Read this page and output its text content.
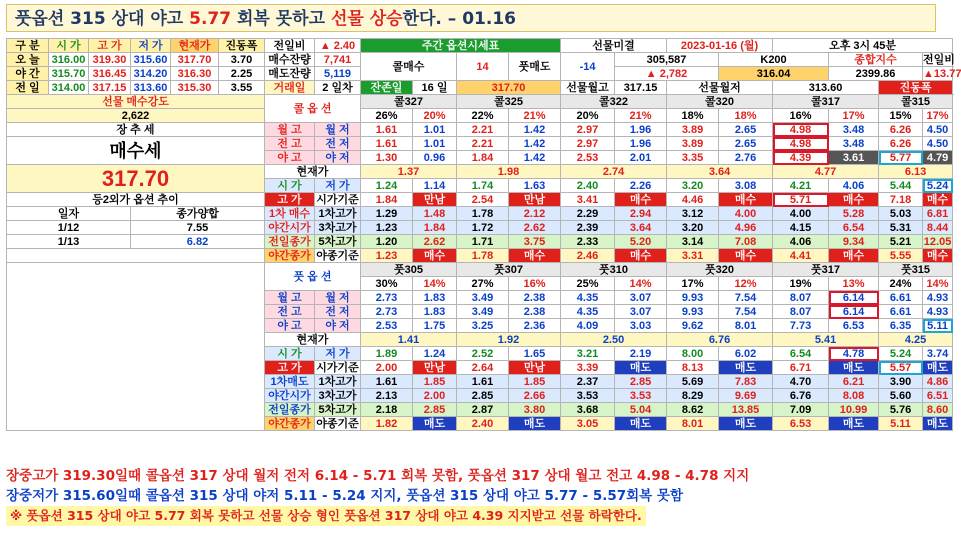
풋옵션 315 상대 야고 5.77 회복 못하고 선물 상승한다. – 01.16
구 분	시 가	고 가	저 가	현재가	진동폭	전일비	▲ 2.40	주간 옵션시세표				선물미결		2023-01-16 (월)		오후 3시 45분				
오 늘	316.00	319.30	315.60	317.70	3.70	매수잔량	7,741	콜매수		14	풋매도	-14	305,587		K200		종합지수		전일비	
야 간	315.70	316.45	314.20	316.30	2.25	매도잔량	5,119						▲ 2,782		316.04		2399.86		▲13.77	
전 일	314.00	317.15	313.60	315.30	3.55	거래일	2 일차	잔존일	16 일	317.70		선물월고	317.15	선물월저		313.60		진동폭	
선물 매수강도						콜 옵 션		콜327		콜325		콜322		콜320		콜317		콜315	
2,622								26%	20%	22%	21%	20%	21%	18%	18%	16%	17%	15%	17%		
장 추 세						월 고	월 저	1.61	1.01	2.21	1.42	2.97	1.96	3.89	2.65	4.98	3.48	6.26	4.50		
매수세						전 고	전 저	1.61	1.01	2.21	1.42	2.97	1.96	3.89	2.65	4.98	3.48	6.26	4.50		
						야 고	야 저	1.30	0.96	1.84	1.42	2.53	2.01	3.35	2.76	4.39	3.61	5.77	4.79		
317.70						현재가		1.37		1.98		2.74		3.64		4.77		6.13	
						시 가	저 가	1.24	1.14	1.74	1.63	2.40	2.26	3.20	3.08	4.21	4.06	5.44	5.24		
등2외가 옵션 추이						고 가	시가기준	1.84	만남	2.54	만남	3.41	매수	4.46	매수	5.71	매수	7.18	매수		
일자			종가양합			1차 매수	1차고가	1.29	1.48	1.78	2.12	2.29	2.94	3.12	4.00	4.00	5.28	5.03	6.81		
1/12			7.55			야간시가	3차고가	1.23	1.84	1.72	2.62	2.39	3.64	3.20	4.96	4.15	6.54	5.31	8.44		
1/13			6.82			전일종가	5차고가	1.20	2.62	1.71	3.75	2.33	5.20	3.14	7.08	4.06	9.34	5.21	12.05		
						야간종가	야종기준	1.23	매수	1.78	매수	2.46	매수	3.31	매수	4.41	매수	5.55	매수		
						풋 옵 션		풋305		풋307		풋310		풋320		풋317		풋315	
								30%	14%	27%	16%	25%	14%	17%	12%	19%	13%	24%	14%		
						월 고	월 저	2.73	1.83	3.49	2.38	4.35	3.07	9.93	7.54	8.07	6.14	6.61	4.93		
						전 고	전 저	2.73	1.83	3.49	2.38	4.35	3.07	9.93	7.54	8.07	6.14	6.61	4.93		
						야 고	야 저	2.53	1.75	3.25	2.36	4.09	3.03	9.62	8.01	7.73	6.53	6.35	5.11		
						현재가		1.41		1.92		2.50		6.76		5.41		4.25	
						시 가	저 가	1.89	1.24	2.52	1.65	3.21	2.19	8.00	6.02	6.54	4.78	5.24	3.74		
						고 가	시가기준	2.00	만남	2.64	만남	3.39	매도	8.13	매도	6.71	매도	5.57	매도		
						1차매도	1차고가	1.61	1.85	1.61	1.85	2.37	2.85	5.69	7.83	4.70	6.21	3.90	4.86		
						야간시가	3차고가	2.13	2.00	2.85	2.66	3.53	3.53	8.29	9.69	6.76	8.08	5.60	6.51		
						전일종가	5차고가	2.18	2.85	2.87	3.80	3.68	5.04	8.62	13.85	7.09	10.99	5.76	8.60		
						야간종가	야종기준	1.82	매도	2.40	매도	3.05	매도	8.01	매도	6.53	매도	5.11	매도		
장중고가 319.30일때 콜옵션 317 상대 월저 전저 6.14 - 5.71 회복 못함, 풋옵션 317 상대 월고 전고 4.98 - 4.78 지지
장중저가 315.60일때 콜옵션 315 상대 야저 5.11 - 5.24 지지, 풋옵션 315 상대 야고 5.77 - 5.57회복 못함
※ 풋옵션 315 상대 야고 5.77 회복 못하고 선물 상승 형인 풋옵션 317 상대 야고 4.39 지지받고 선물 하락한다.
